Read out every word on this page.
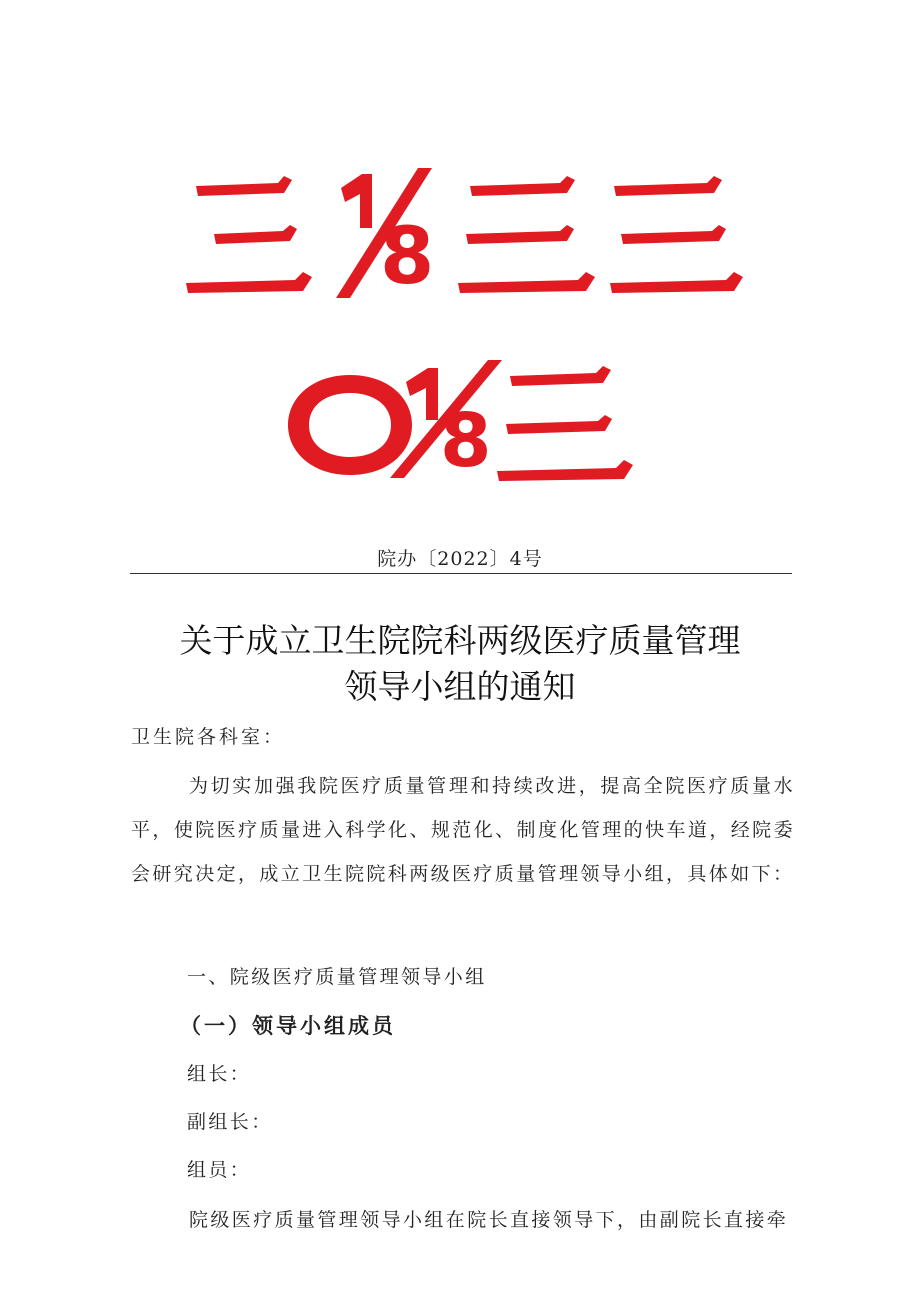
8
8
院办〔2022〕4号
关于成立卫生院院科两级医疗质量管理
领导小组的通知
卫生院各科室：
为切实加强我院医疗质量管理和持续改进，提高全院医疗质量水平，使院医疗质量进入科学化、规范化、制度化管理的快车道，经院委会研究决定，成立卫生院院科两级医疗质量管理领导小组，具体如下：
一、院级医疗质量管理领导小组
（一）领导小组成员
组长：
副组长：
组员：
院级医疗质量管理领导小组在院长直接领导下，由副院长直接牵
